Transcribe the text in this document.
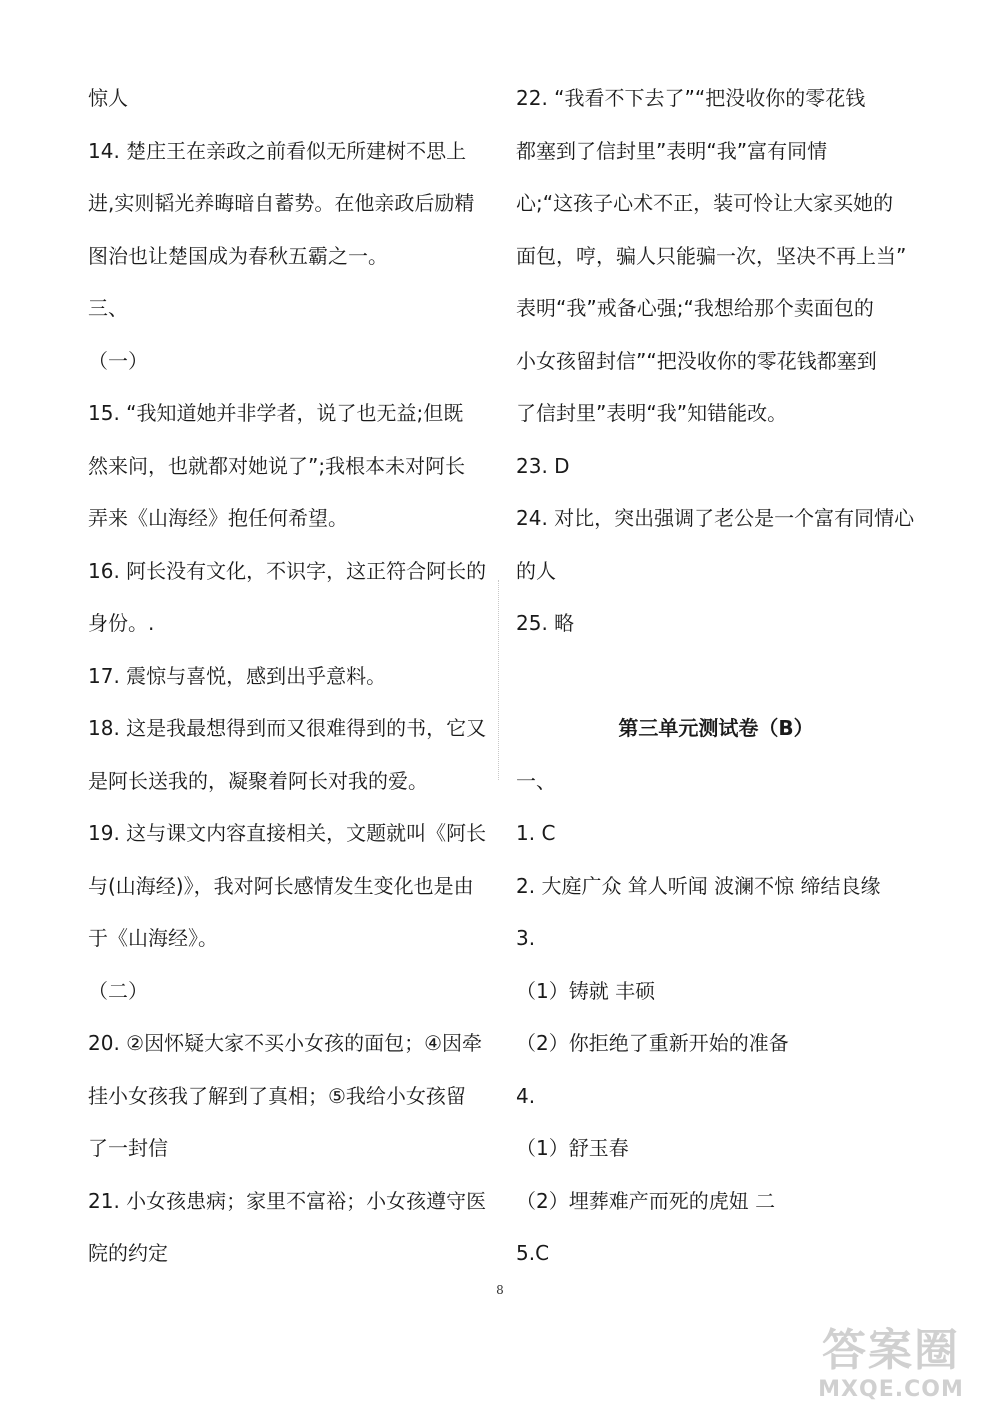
惊人
14. 楚庄王在亲政之前看似无所建树不思上
进,实则韬光养晦暗自蓄势。在他亲政后励精
图治也让楚国成为春秋五霸之一。
三、
（一）
15. “我知道她并非学者，说了也无益;但既
然来问，也就都对她说了”;我根本未对阿长
弄来《山海经》抱任何希望。
16. 阿长没有文化，不识字，这正符合阿长的
身份。.
17. 震惊与喜悦，感到出乎意料。
18. 这是我最想得到而又很难得到的书，它又
是阿长送我的，凝聚着阿长对我的爱。
19. 这与课文内容直接相关，文题就叫《阿长
与(山海经)》，我对阿长感情发生变化也是由
于《山海经》。
（二）
20. ②因怀疑大家不买小女孩的面包；④因牵
挂小女孩我了解到了真相；⑤我给小女孩留
了一封信
21. 小女孩患病；家里不富裕；小女孩遵守医
院的约定
22. “我看不下去了”“把没收你的零花钱
都塞到了信封里”表明“我”富有同情
心;“这孩子心术不正，装可怜让大家买她的
面包，哼，骗人只能骗一次，坚决不再上当”
表明“我”戒备心强;“我想给那个卖面包的
小女孩留封信”“把没收你的零花钱都塞到
了信封里”表明“我”知错能改。
23. D
24. 对比，突出强调了老公是一个富有同情心
的人
25. 略
第三单元测试卷（B）
一、
1. C
2. 大庭广众 耸人听闻 波澜不惊 缔结良缘
3.
（1）铸就 丰硕
（2）你拒绝了重新开始的准备
4.
（1）舒玉春
（2）埋葬难产而死的虎妞 二
5.C
8
答案圈
MXQE.COM
